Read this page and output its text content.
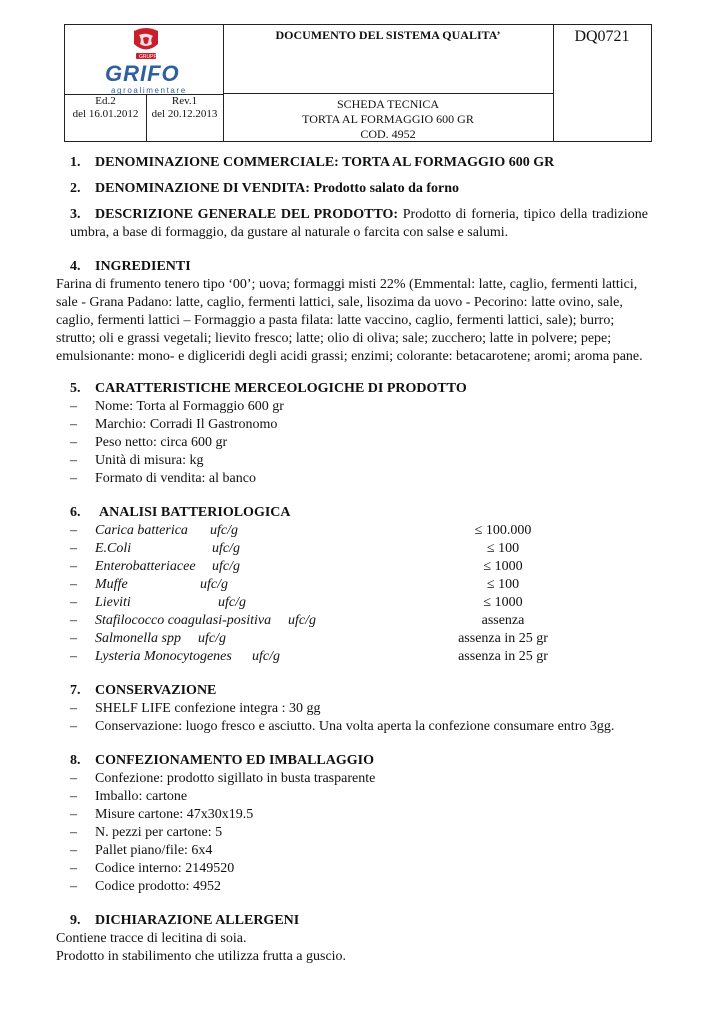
GRUPPO
GRIFO
agroalimentare
DOCUMENTO DEL SISTEMA QUALITA’	DQ0721
Ed.2
del 16.01.2012
Rev.1
del 20.12.2013
SCHEDA TECNICA
TORTA AL FORMAGGIO 600 GR
COD. 4952
1. DENOMINAZIONE COMMERCIALE: TORTA AL FORMAGGIO 600 GR
2. DENOMINAZIONE DI VENDITA: Prodotto salato da forno
3. DESCRIZIONE GENERALE DEL PRODOTTO: Prodotto di forneria, tipico della tradizione umbra, a base di formaggio, da gustare al naturale o farcita con salse e salumi.
4. INGREDIENTI
Farina di frumento tenero tipo ‘00’; uova; formaggi misti 22% (Emmental: latte, caglio, fermenti lattici, sale - Grana Padano: latte, caglio, fermenti lattici, sale, lisozima da uovo - Pecorino: latte ovino, sale, caglio, fermenti lattici – Formaggio a pasta filata: latte vaccino, caglio, fermenti lattici, sale); burro; strutto; oli e grassi vegetali; lievito fresco; latte; olio di oliva; sale; zucchero; latte in polvere; pepe; emulsionante: mono- e digliceridi degli acidi grassi; enzimi; colorante: betacarotene; aromi; aroma pane.
5. CARATTERISTICHE MERCEOLOGICHE DI PRODOTTO
– Nome: Torta al Formaggio 600 gr
– Marchio: Corradi Il Gastronomo
– Peso netto: circa 600 gr
– Unità di misura: kg
– Formato di vendita: al banco
6. ANALISI BATTERIOLOGICA
– Carica batterica ufc/g	≤ 100.000
– E.Coli	ufc/g	≤ 100
– Enterobatteriacee ufc/g	≤ 1000
– Muffe	ufc/g	≤ 100
– Lieviti	ufc/g	≤ 1000
– Stafilococco coagulasi-positiva ufc/g	assenza
– Salmonella spp ufc/g	assenza in 25 gr
– Lysteria Monocytogenes ufc/g	assenza in 25 gr
7. CONSERVAZIONE
– SHELF LIFE confezione integra : 30 gg
– Conservazione: luogo fresco e asciutto. Una volta aperta la confezione consumare entro 3gg.
8. CONFEZIONAMENTO ED IMBALLAGGIO
– Confezione: prodotto sigillato in busta trasparente
– Imballo: cartone
– Misure cartone: 47x30x19.5
– N. pezzi per cartone: 5
– Pallet piano/file: 6x4
– Codice interno: 2149520
– Codice prodotto: 4952
9. DICHIARAZIONE ALLERGENI
Contiene tracce di lecitina di soia.
Prodotto in stabilimento che utilizza frutta a guscio.
